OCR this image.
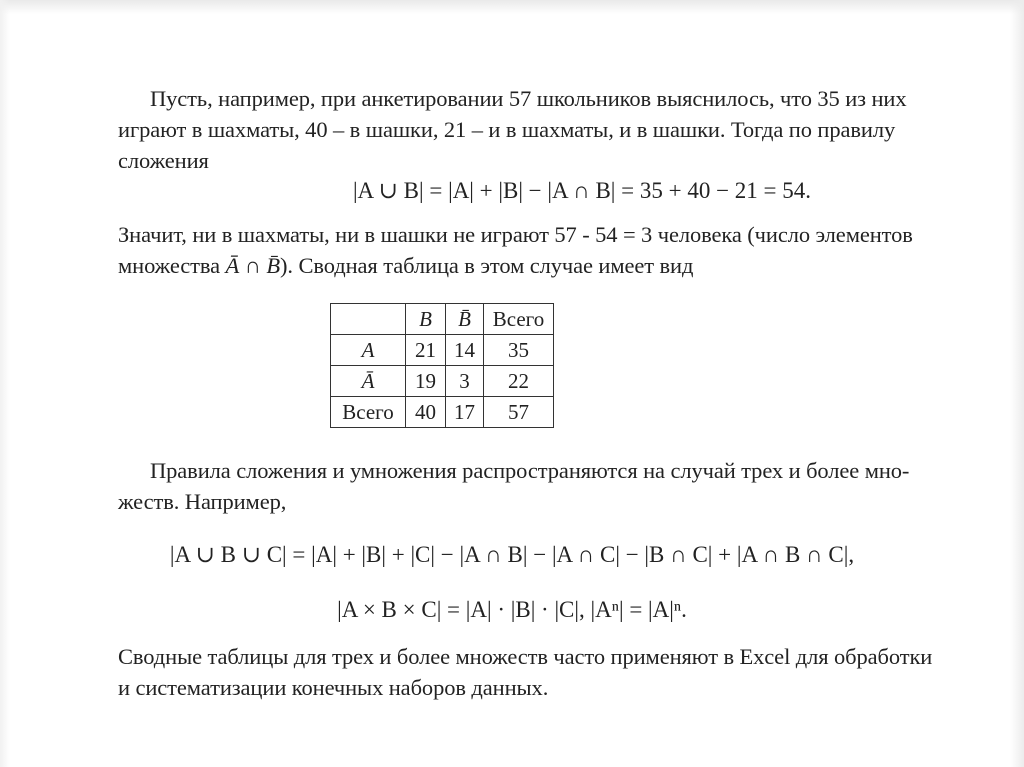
Пусть, например, при анкетировании 57 школьников выяснилось, что 35 из них
играют в шахматы, 40 – в шашки, 21 – и в шахматы, и в шашки. Тогда по правилу
сложения
|A ∪ B| = |A| + |B| − |A ∩ B| = 35 + 40 − 21 = 54.
Значит, ни в шахматы, ни в шашки не играют 57 - 54 = 3 человека (число элементов
множества Ā ∩ B̄). Сводная таблица в этом случае имеет вид
	B	B̄	Всего
A	21	14	35
Ā	19	3	22
Всего	40	17	57
Правила сложения и умножения распространяются на случай трех и более мно-
жеств. Например,
|A ∪ B ∪ C| = |A| + |B| + |C| − |A ∩ B| − |A ∩ C| − |B ∩ C| + |A ∩ B ∩ C|,
|A × B × C| = |A| · |B| · |C|, |Aⁿ| = |A|ⁿ.
Сводные таблицы для трех и более множеств часто применяют в Excel для обработки
и систематизации конечных наборов данных.
